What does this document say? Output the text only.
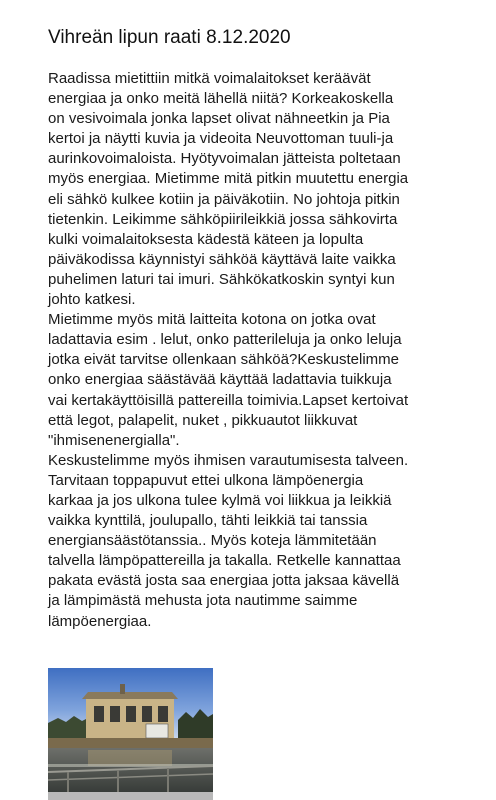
Vihreän lipun raati 8.12.2020

Raadissa mietittiin mitkä voimalaitokset keräävät
energiaa ja onko meitä lähellä niitä? Korkeakoskella
on vesivoimala jonka lapset olivat nähneetkin ja Pia
kertoi ja näytti kuvia ja videoita Neuvottoman tuuli-ja
aurinkovoimaloista. Hyötyvoimalan jätteista poltetaan
myös energiaa. Mietimme mitä pitkin muutettu energia
eli sähkö kulkee kotiin ja päiväkotiin. No johtoja pitkin
tietenkin. Leikimme sähköpiirileikkiä jossa sähkovirta
kulki voimalaitoksesta kädestä käteen ja lopulta
päiväkodissa käynnistyi sähköä käyttävä laite vaikka
puhelimen laturi tai imuri. Sähkökatkoskin syntyi kun
johto katkesi.

Mietimme myös mitä laitteita kotona on jotka ovat
ladattavia esim . lelut, onko patterileluja ja onko leluja
jotka eivät tarvitse ollenkaan sähköä?Keskustelimme
onko energiaa säästävää käyttää ladattavia tuikkuja
vai kertakäyttöisillä pattereilla toimivia.Lapset kertoivat
että legot, palapelit, nuket , pikkuautot liikkuvat
"ihmisenenergialla".

Keskustelimme myös ihmisen varautumisesta talveen.
Tarvitaan toppapuvut ettei ulkona lämpöenergia
karkaa ja jos ulkona tulee kylmä voi liikkua ja leikkiä
vaikka kynttilä, joulupallo, tähti leikkiä tai tanssia
energiansäästötanssia.. Myös koteja lämmitetään
talvella lämpöpattereilla ja takalla. Retkelle kannattaa
pakata evästä josta saa energiaa jotta jaksaa kävellä
ja lämpimästä mehusta jota nautimme saimme
lämpöenergiaa.
